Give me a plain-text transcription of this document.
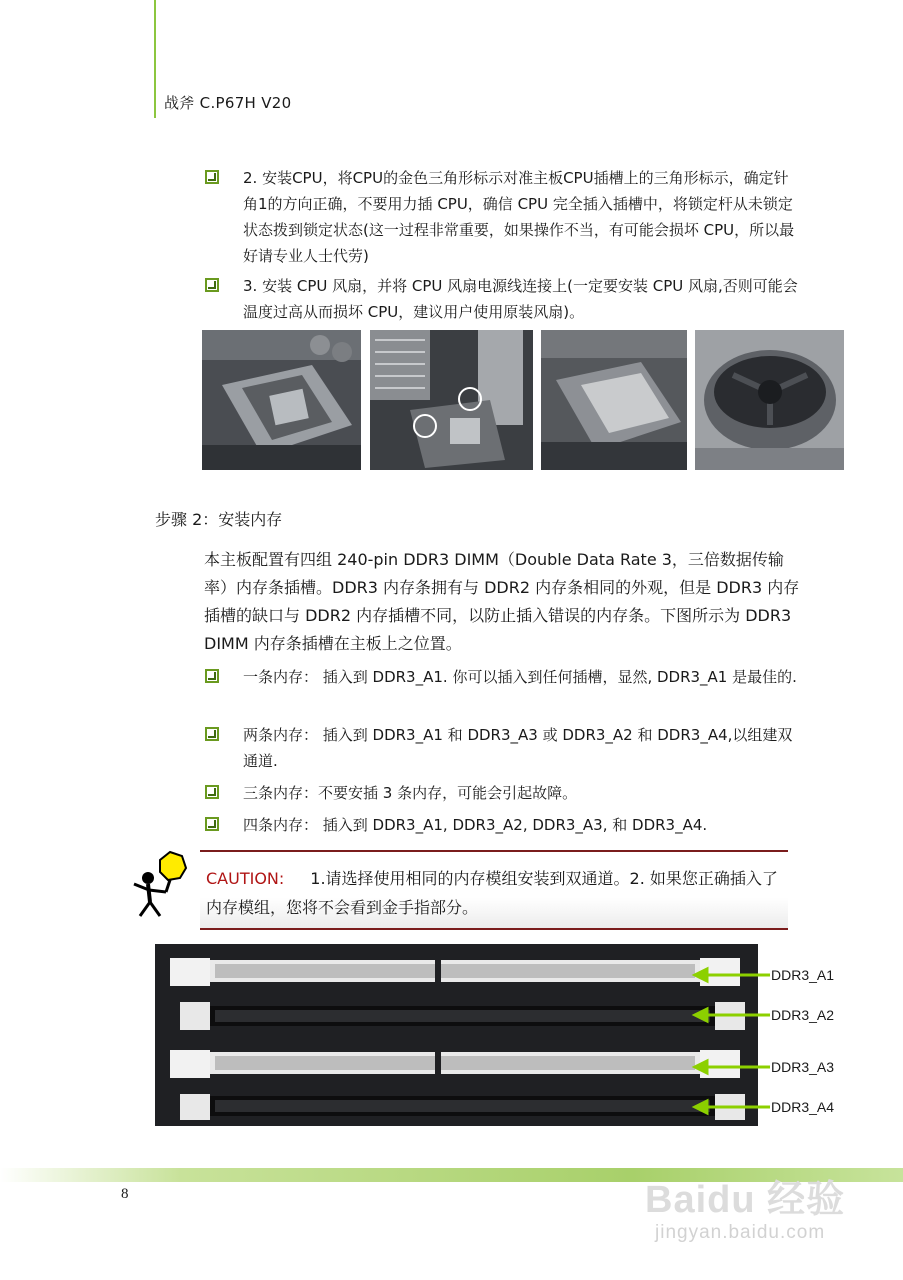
战斧 C.P67H V20
2. 安装CPU，将CPU的金色三角形标示对准主板CPU插槽上的三角形标示，确定针角1的方向正确，不要用力插 CPU，确信 CPU 完全插入插槽中，将锁定杆从未锁定状态拨到锁定状态(这一过程非常重要，如果操作不当，有可能会损坏 CPU，所以最好请专业人士代劳)
3. 安装 CPU 风扇，并将 CPU 风扇电源线连接上(一定要安装 CPU 风扇,否则可能会温度过高从而损坏 CPU，建议用户使用原装风扇)。
步骤 2：安装内存
本主板配置有四组 240-pin DDR3 DIMM（Double Data Rate 3，三倍数据传输率）内存条插槽。DDR3 内存条拥有与 DDR2 内存条相同的外观，但是 DDR3 内存插槽的缺口与 DDR2 内存插槽不同，以防止插入错误的内存条。下图所示为 DDR3 DIMM 内存条插槽在主板上之位置。
一条内存： 插入到 DDR3_A1. 你可以插入到任何插槽，显然, DDR3_A1 是最佳的.
两条内存： 插入到 DDR3_A1 和 DDR3_A3 或 DDR3_A2 和 DDR3_A4,以组建双通道.
三条内存：不要安插 3 条内存，可能会引起故障。
四条内存： 插入到 DDR3_A1, DDR3_A2, DDR3_A3, 和 DDR3_A4.
CAUTION: 1.请选择使用相同的内存模组安装到双通道。2. 如果您正确插入了内存模组，您将不会看到金手指部分。
DDR3_A1
DDR3_A2
DDR3_A3
DDR3_A4
8	Baidu 经验
jingyan.baidu.com
